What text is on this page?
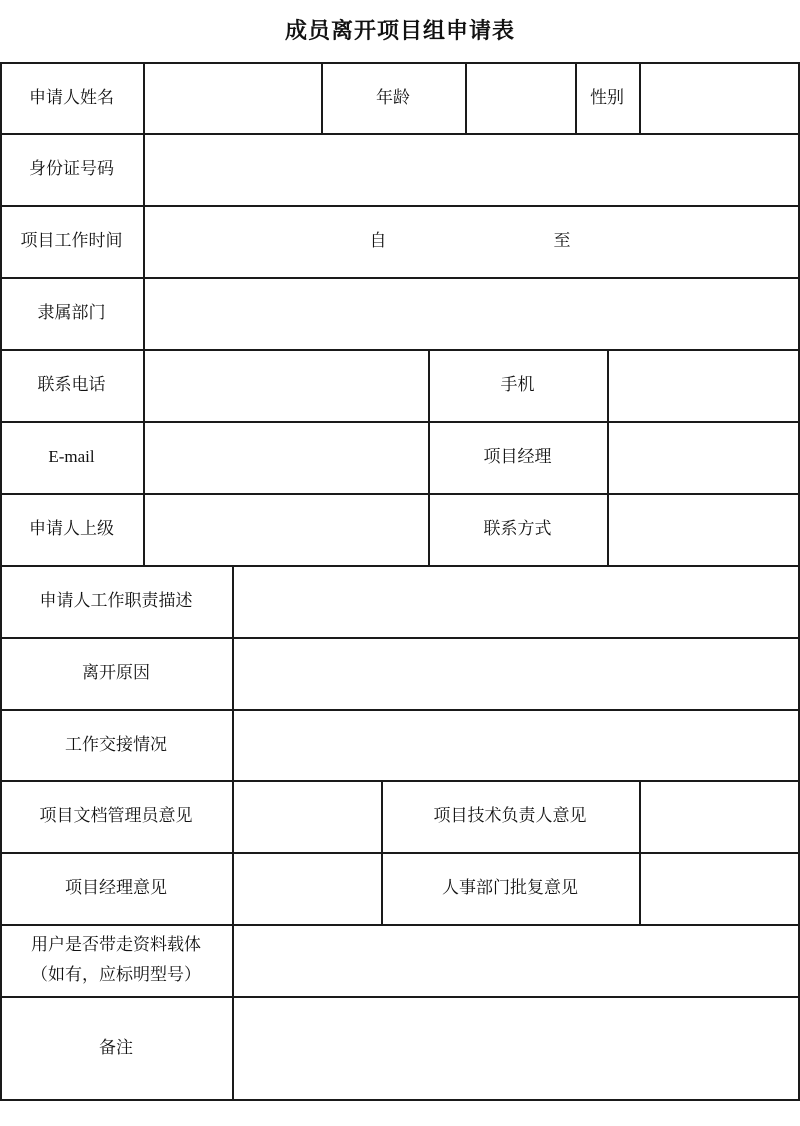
成员离开项目组申请表
申请人姓名	年龄	性别
身份证号码
项目工作时间	自	至
隶属部门
联系电话	手机
E-mail	项目经理
申请人上级	联系方式
申请人工作职责描述
离开原因
工作交接情况
项目文档管理员意见	项目技术负责人意见
项目经理意见	人事部门批复意见
用户是否带走资料载体
（如有，应标明型号）
备注
